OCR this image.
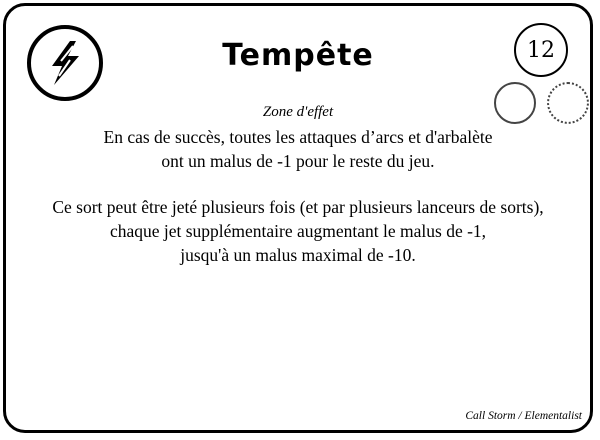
Tempête	12
Zone d'effet
En cas de succès, toutes les attaques d’arcs et d'arbalète
ont un malus de -1 pour le reste du jeu.
Ce sort peut être jeté plusieurs fois (et par plusieurs lanceurs de sorts),
chaque jet supplémentaire augmentant le malus de -1,
jusqu'à un malus maximal de -10.
Call Storm / Elementalist
